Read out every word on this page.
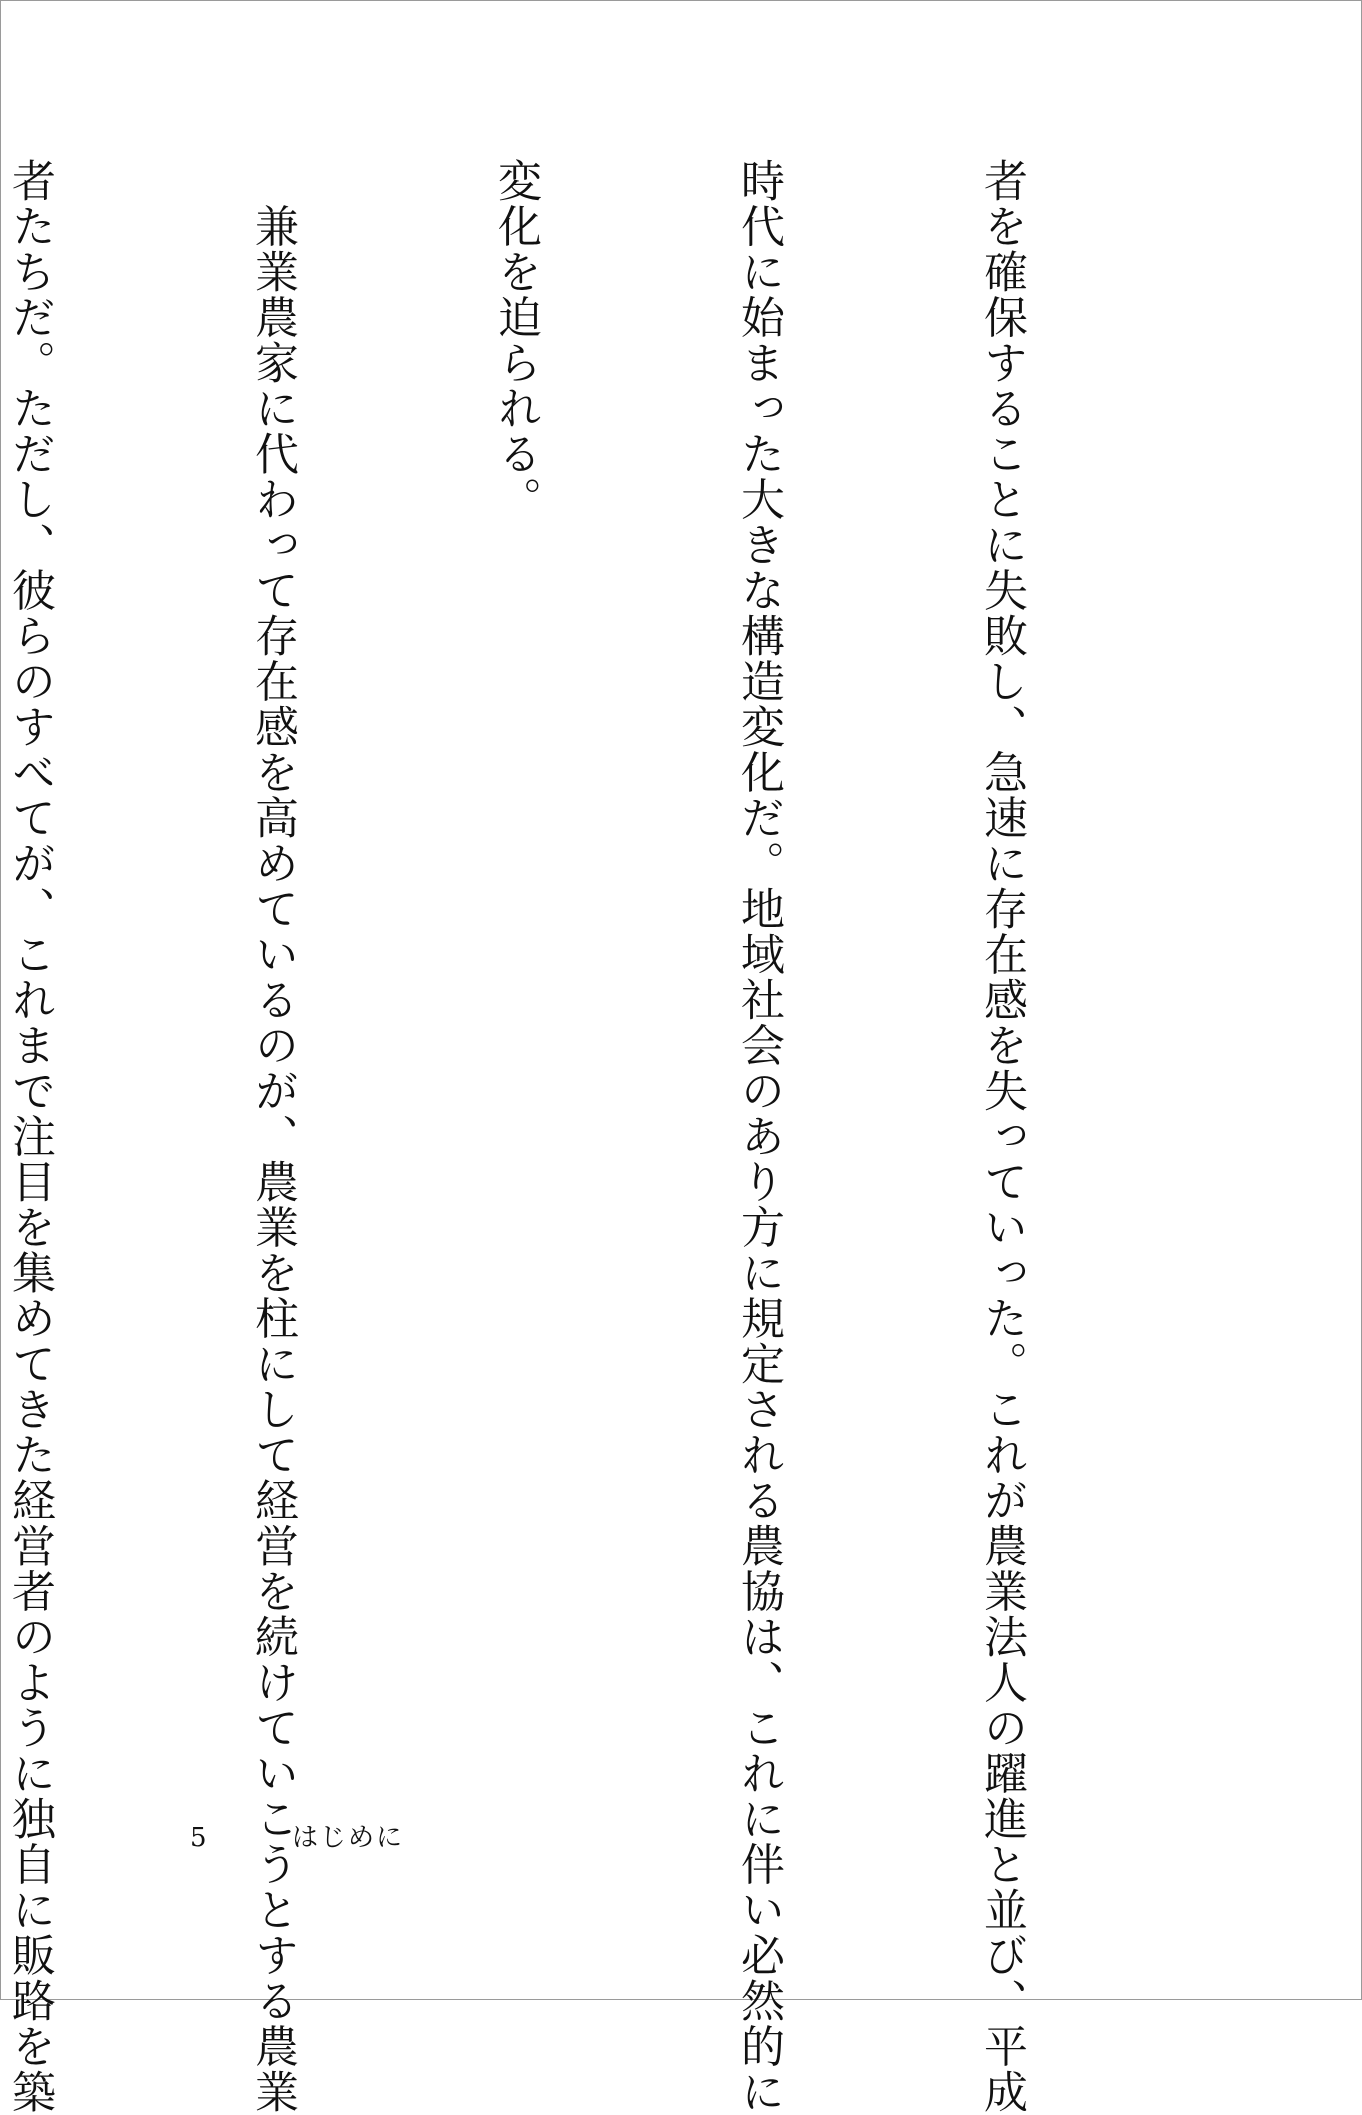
者を確保することに失敗し、急速に存在感を失っていった。これが農業法人の躍進と並び、平成

時代に始まった大きな構造変化だ。地域社会のあり方に規定される農協は、これに伴い必然的に

変化を迫られる。

　兼業農家に代わって存在感を高めているのが、農業を柱にして経営を続けていこうとする農業

者たちだ。ただし、彼らのすべてが、これまで注目を集めてきた経営者のように独自に販路を築

	5	はじめに
